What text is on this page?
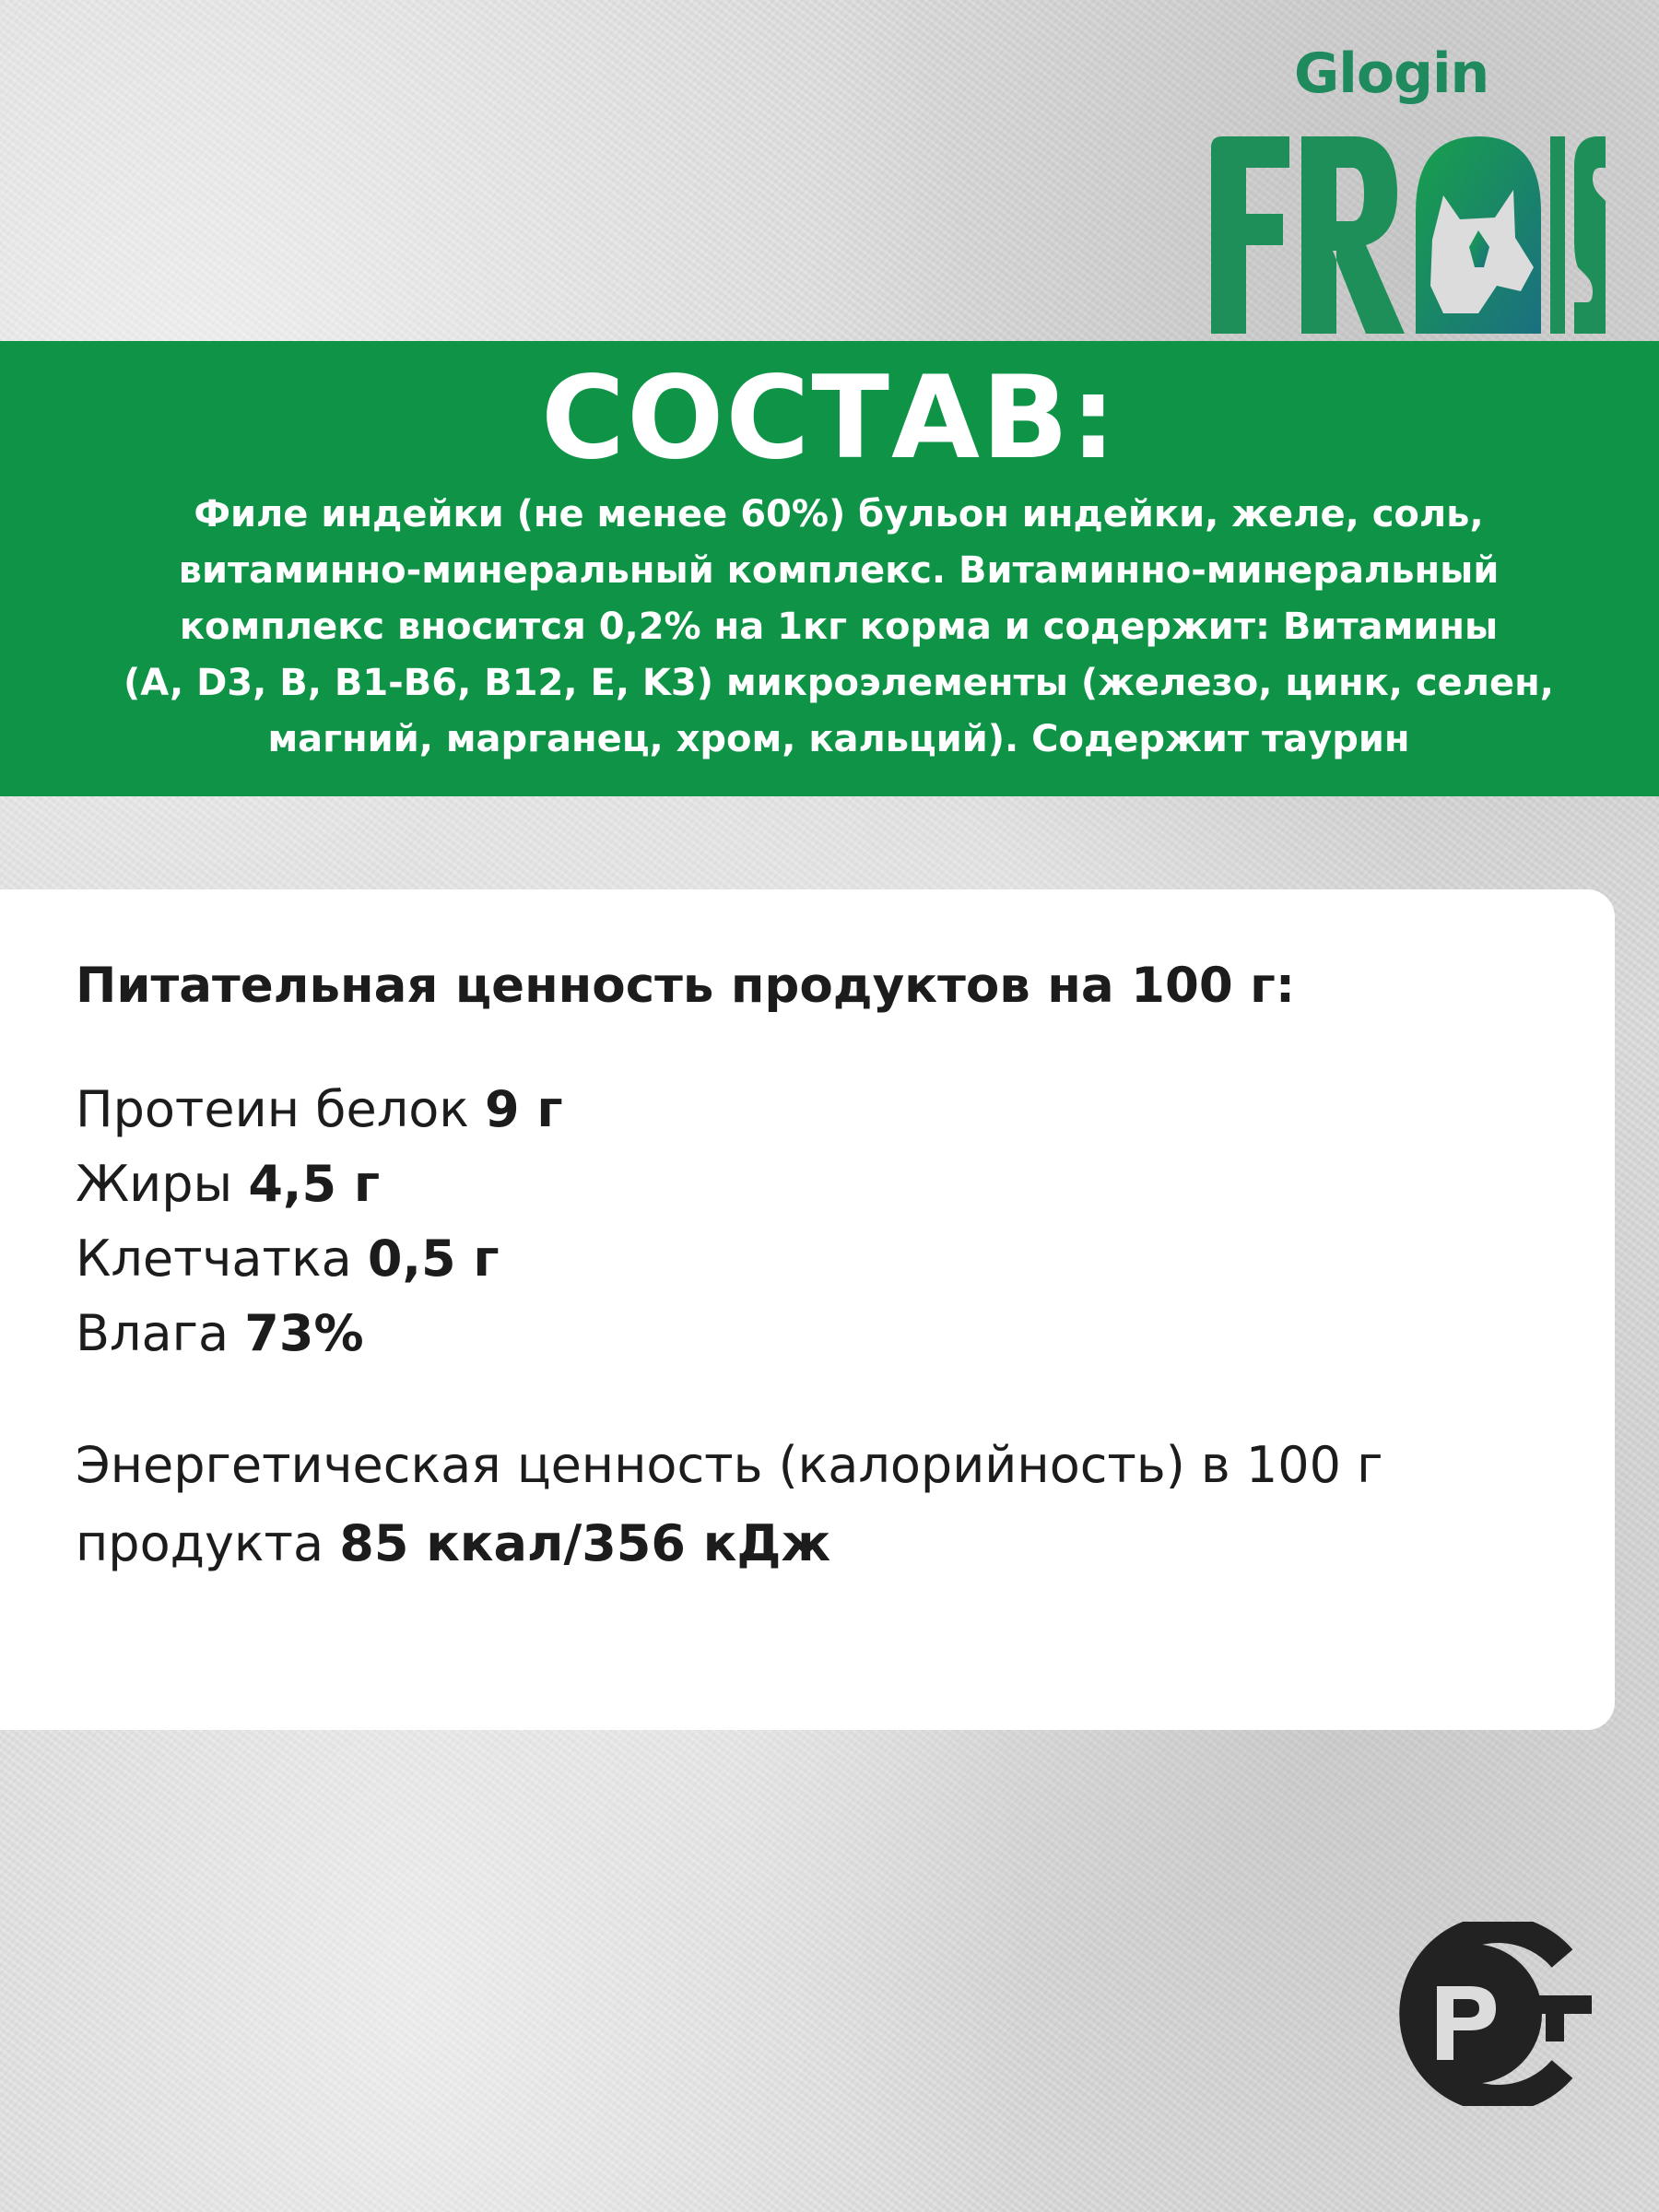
Glogin
СОСТАВ:
Филе индейки (не менее 60%) бульон индейки, желе, соль,
витаминно-минеральный комплекс. Витаминно-минеральный
комплекс вносится 0,2% на 1кг корма и содержит: Витамины
(A, D3, B, B1-B6, B12, E, K3) микроэлементы (железо, цинк, селен,
магний, марганец, хром, кальций). Содержит таурин
Питательная ценность продуктов на 100 г:
Протеин белок 9 г
Жиры 4,5 г
Клетчатка 0,5 г
Влага 73%
Энергетическая ценность (калорийность) в 100 г
продукта 85 ккал/356 кДж
